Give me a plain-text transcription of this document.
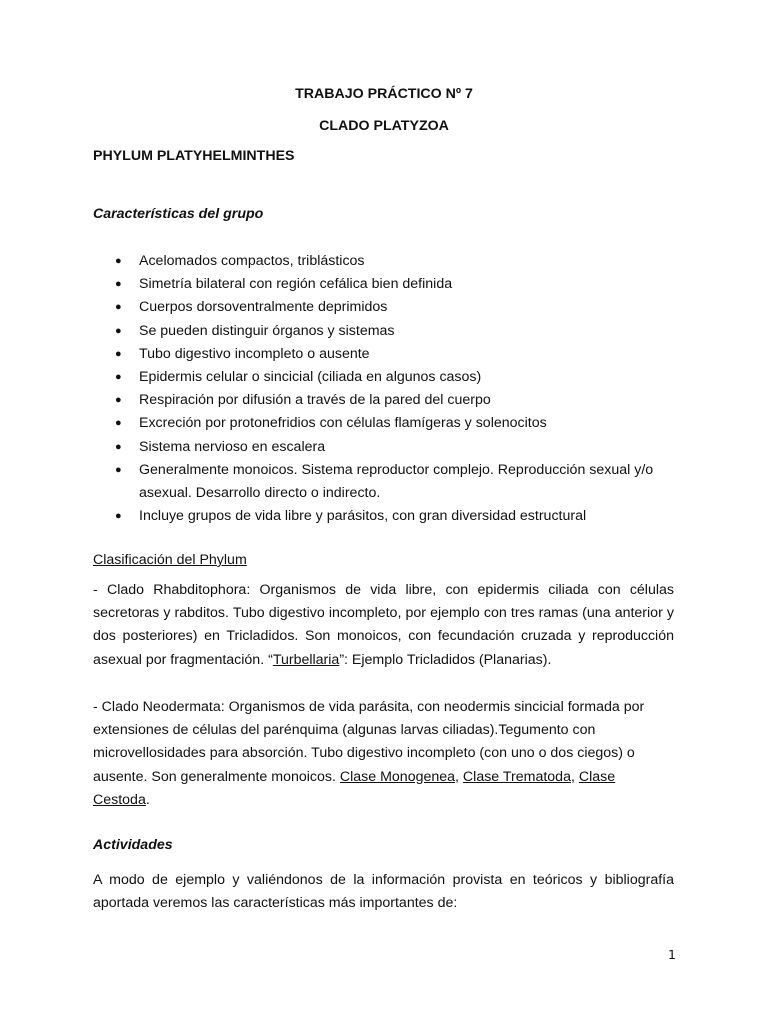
TRABAJO PRÁCTICO Nº 7
CLADO PLATYZOA
PHYLUM PLATYHELMINTHES
Características del grupo
● Acelomados compactos, triblásticos
● Simetría bilateral con región cefálica bien definida
● Cuerpos dorsoventralmente deprimidos
● Se pueden distinguir órganos y sistemas
● Tubo digestivo incompleto o ausente
● Epidermis celular o sincicial (ciliada en algunos casos)
● Respiración por difusión a través de la pared del cuerpo
● Excreción por protonefridios con células flamígeras y solenocitos
● Sistema nervioso en escalera
● Generalmente monoicos. Sistema reproductor complejo. Reproducción sexual y/o asexual. Desarrollo directo o indirecto.
● Incluye grupos de vida libre y parásitos, con gran diversidad estructural
Clasificación del Phylum

- Clado Rhabditophora: Organismos de vida libre, con epidermis ciliada con células secretoras y rabditos. Tubo digestivo incompleto, por ejemplo con tres ramas (una anterior y dos posteriores) en Tricladidos. Son monoicos, con fecundación cruzada y reproducción asexual por fragmentación. “Turbellaria”: Ejemplo Tricladidos (Planarias).

- Clado Neodermata: Organismos de vida parásita, con neodermis sincicial formada por extensiones de células del parénquima (algunas larvas ciliadas).Tegumento con microvellosidades para absorción. Tubo digestivo incompleto (con uno o dos ciegos) o ausente. Son generalmente monoicos. Clase Monogenea, Clase Trematoda, Clase Cestoda.

Actividades

A modo de ejemplo y valiéndonos de la información provista en teóricos y bibliografía aportada veremos las características más importantes de:

1
